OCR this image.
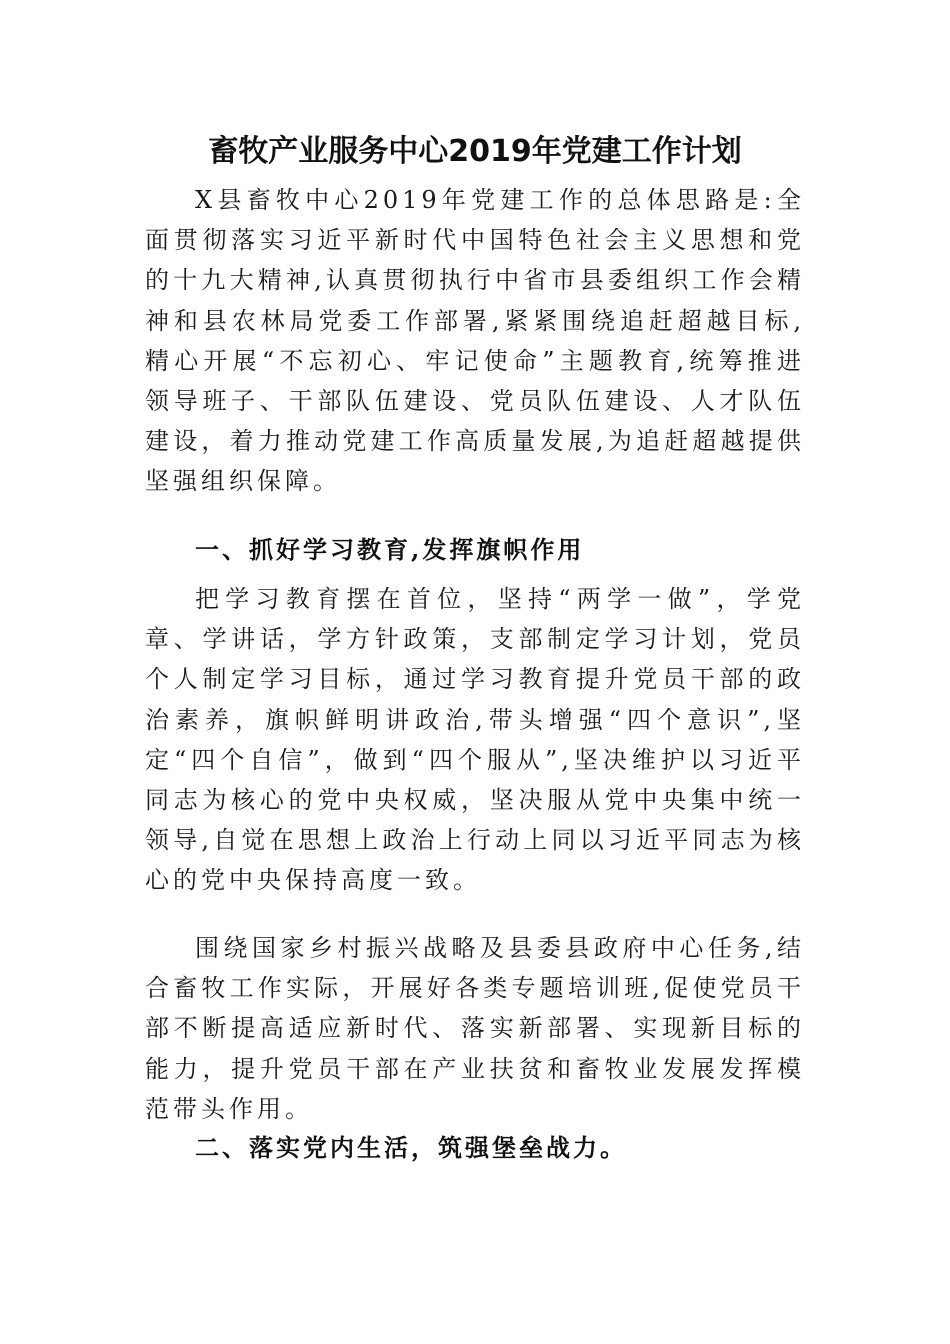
畜牧产业服务中心2019年党建工作计划
X县畜牧中心2019年党建工作的总体思路是:全面贯彻落实习近平新时代中国特色社会主义思想和党的十九大精神,认真贯彻执行中省市县委组织工作会精神和县农林局党委工作部署,紧紧围绕追赶超越目标,精心开展“不忘初心、牢记使命”主题教育,统筹推进领导班子、干部队伍建设、党员队伍建设、人才队伍建设，着力推动党建工作高质量发展,为追赶超越提供坚强组织保障。
一、抓好学习教育,发挥旗帜作用
把学习教育摆在首位，坚持“两学一做”，学党章、学讲话，学方针政策，支部制定学习计划，党员个人制定学习目标，通过学习教育提升党员干部的政治素养，旗帜鲜明讲政治,带头增强“四个意识”,坚定“四个自信”，做到“四个服从”,坚决维护以习近平同志为核心的党中央权威，坚决服从党中央集中统一领导,自觉在思想上政治上行动上同以习近平同志为核心的党中央保持高度一致。
围绕国家乡村振兴战略及县委县政府中心任务,结合畜牧工作实际，开展好各类专题培训班,促使党员干部不断提高适应新时代、落实新部署、实现新目标的能力，提升党员干部在产业扶贫和畜牧业发展发挥模范带头作用。
二、落实党内生活，筑强堡垒战力。
